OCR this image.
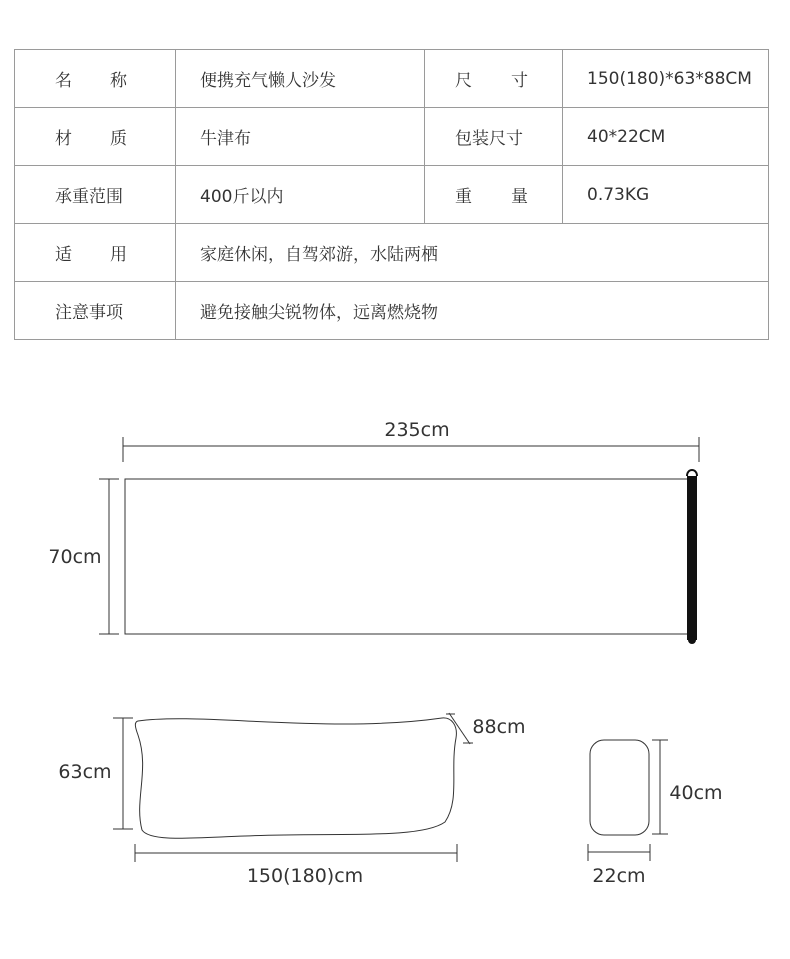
名 称	便携充气懒人沙发	尺 寸	150(180)*63*88CM

材 质	牛津布	包装尺寸	40*22CM

承重范围	400斤以内	重 量	0.73KG

适 用	家庭休闲，自驾郊游，水陆两栖		

注意事项	避免接触尖锐物体，远离燃烧物		
235cm
70cm
63cm
88cm
150(180)cm
40cm
22cm
